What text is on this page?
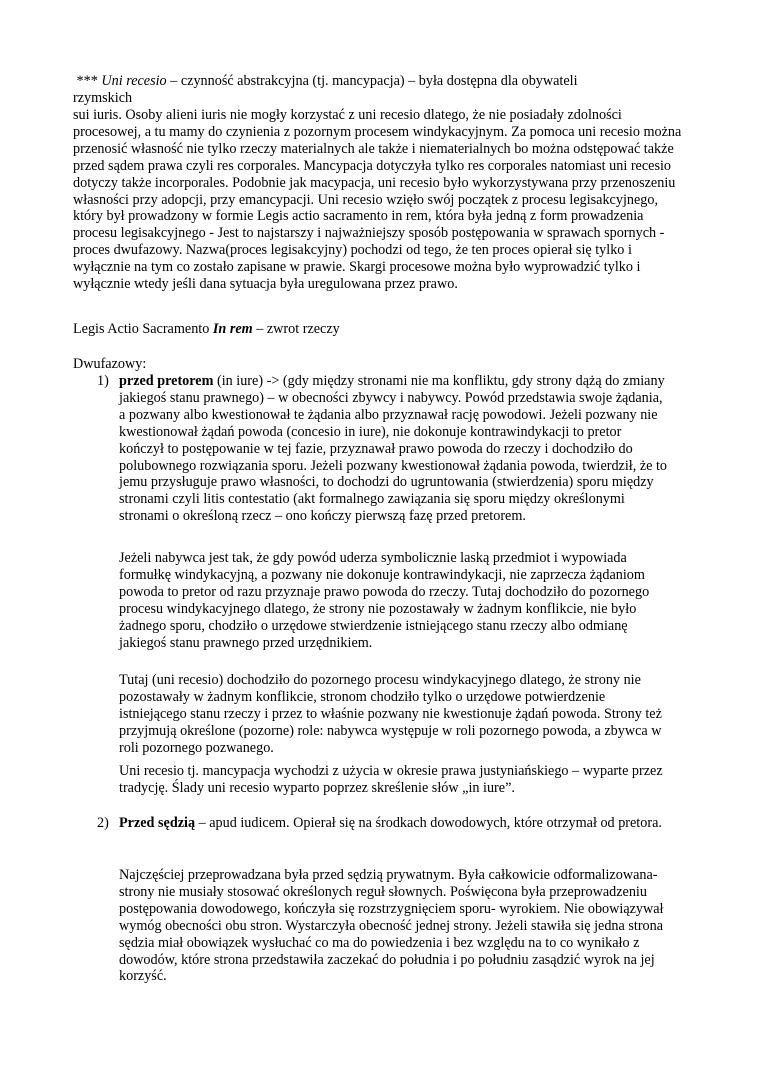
*** Uni recesio – czynność abstrakcyjna (tj. mancypacja) – była dostępna dla obywateli rzymskich

sui iuris. Osoby alieni iuris nie mogły korzystać z uni recesio dlatego, że nie posiadały zdolności procesowej, a tu mamy do czynienia z pozornym procesem windykacyjnym. Za pomoca uni recesio można przenosić własność nie tylko rzeczy materialnych ale także i niematerialnych bo można odstępować także przed sądem prawa czyli res corporales. Mancypacja dotyczyła tylko res corporales natomiast uni recesio dotyczy także incorporales. Podobnie jak macypacja, uni recesio było wykorzystywana przy przenoszeniu własności przy adopcji, przy emancypacji. Uni recesio wzięło swój początek z procesu legisakcyjnego, który był prowadzony w formie Legis actio sacramento in rem, która była jedną z form prowadzenia procesu legisakcyjnego - Jest to najstarszy i najważniejszy sposób postępowania w sprawach spornych - proces dwufazowy. Nazwa(proces legisakcyjny) pochodzi od tego, że ten proces opierał się tylko i wyłącznie na tym co zostało zapisane w prawie. Skargi procesowe można było wyprowadzić tylko i wyłącznie wtedy jeśli dana sytuacja była uregulowana przez prawo.

Legis Actio Sacramento In rem – zwrot rzeczy

Dwufazowy:

1) przed pretorem (in iure) -> (gdy między stronami nie ma konfliktu, gdy strony dążą do zmiany jakiegoś stanu prawnego) – w obecności zbywcy i nabywcy. Powód przedstawia swoje żądania, a pozwany albo kwestionował te żądania albo przyznawał rację powodowi. Jeżeli pozwany nie kwestionował żądań powoda (concesio in iure), nie dokonuje kontrawindykacji to pretor kończył to postępowanie w tej fazie, przyznawał prawo powoda do rzeczy i dochodziło do polubownego rozwiązania sporu. Jeżeli pozwany kwestionował żądania powoda, twierdził, że to jemu przysługuje prawo własności, to dochodzi do ugruntowania (stwierdzenia) sporu między stronami czyli litis contestatio (akt formalnego zawiązania się sporu między określonymi stronami o określoną rzecz – ono kończy pierwszą fazę przed pretorem.

Jeżeli nabywca jest tak, że gdy powód uderza symbolicznie laską przedmiot i wypowiada formułkę windykacyjną, a pozwany nie dokonuje kontrawindykacji, nie zaprzecza żądaniom powoda to pretor od razu przyznaje prawo powoda do rzeczy. Tutaj dochodziło do pozornego procesu windykacyjnego dlatego, że strony nie pozostawały w żadnym konflikcie, nie było żadnego sporu, chodziło o urzędowe stwierdzenie istniejącego stanu rzeczy albo odmianę jakiegoś stanu prawnego przed urzędnikiem.

Tutaj (uni recesio) dochodziło do pozornego procesu windykacyjnego dlatego, że strony nie pozostawały w żadnym konflikcie, stronom chodziło tylko o urzędowe potwierdzenie istniejącego stanu rzeczy i przez to właśnie pozwany nie kwestionuje żądań powoda. Strony też przyjmują określone (pozorne) role: nabywca występuje w roli pozornego powoda, a zbywca w roli pozornego pozwanego.

Uni recesio tj. mancypacja wychodzi z użycia w okresie prawa justyniańskiego – wyparte przez tradycję. Ślady uni recesio wyparto poprzez skreślenie słów „in iure”.

2) Przed sędzią – apud iudicem. Opierał się na środkach dowodowych, które otrzymał od pretora.

Najczęściej przeprowadzana była przed sędzią prywatnym. Była całkowicie odformalizowana- strony nie musiały stosować określonych reguł słownych. Poświęcona była przeprowadzeniu postępowania dowodowego, kończyła się rozstrzygnięciem sporu- wyrokiem. Nie obowiązywał wymóg obecności obu stron. Wystarczyła obecność jednej strony. Jeżeli stawiła się jedna strona sędzia miał obowiązek wysłuchać co ma do powiedzenia i bez względu na to co wynikało z dowodów, które strona przedstawiła zaczekać do południa i po południu zasądzić wyrok na jej korzyść.
